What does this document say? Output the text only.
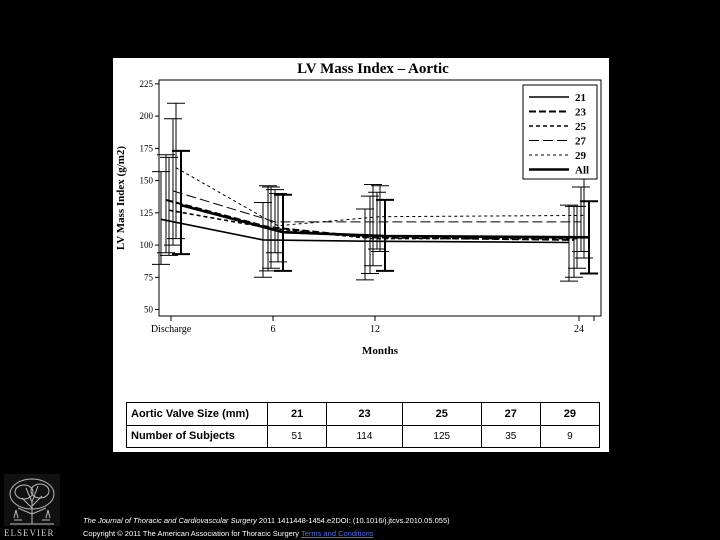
LV Mass Index – Aortic
50
75
100
125
150
175
200
225
LV Mass Index (g/m2)
Discharge	6	12	24
Months
21
23
25
27
29
All
Aortic Valve Size (mm)	21	23	25	27	29
Number of Subjects	51	114	125	35	9
ELSEVIER
The Journal of Thoracic and Cardiovascular Surgery 2011 1411448-1454.e2DOI: (10.1016/j.jtcvs.2010.05.055)
Copyright © 2011 The American Association for Thoracic Surgery Terms and Conditions
